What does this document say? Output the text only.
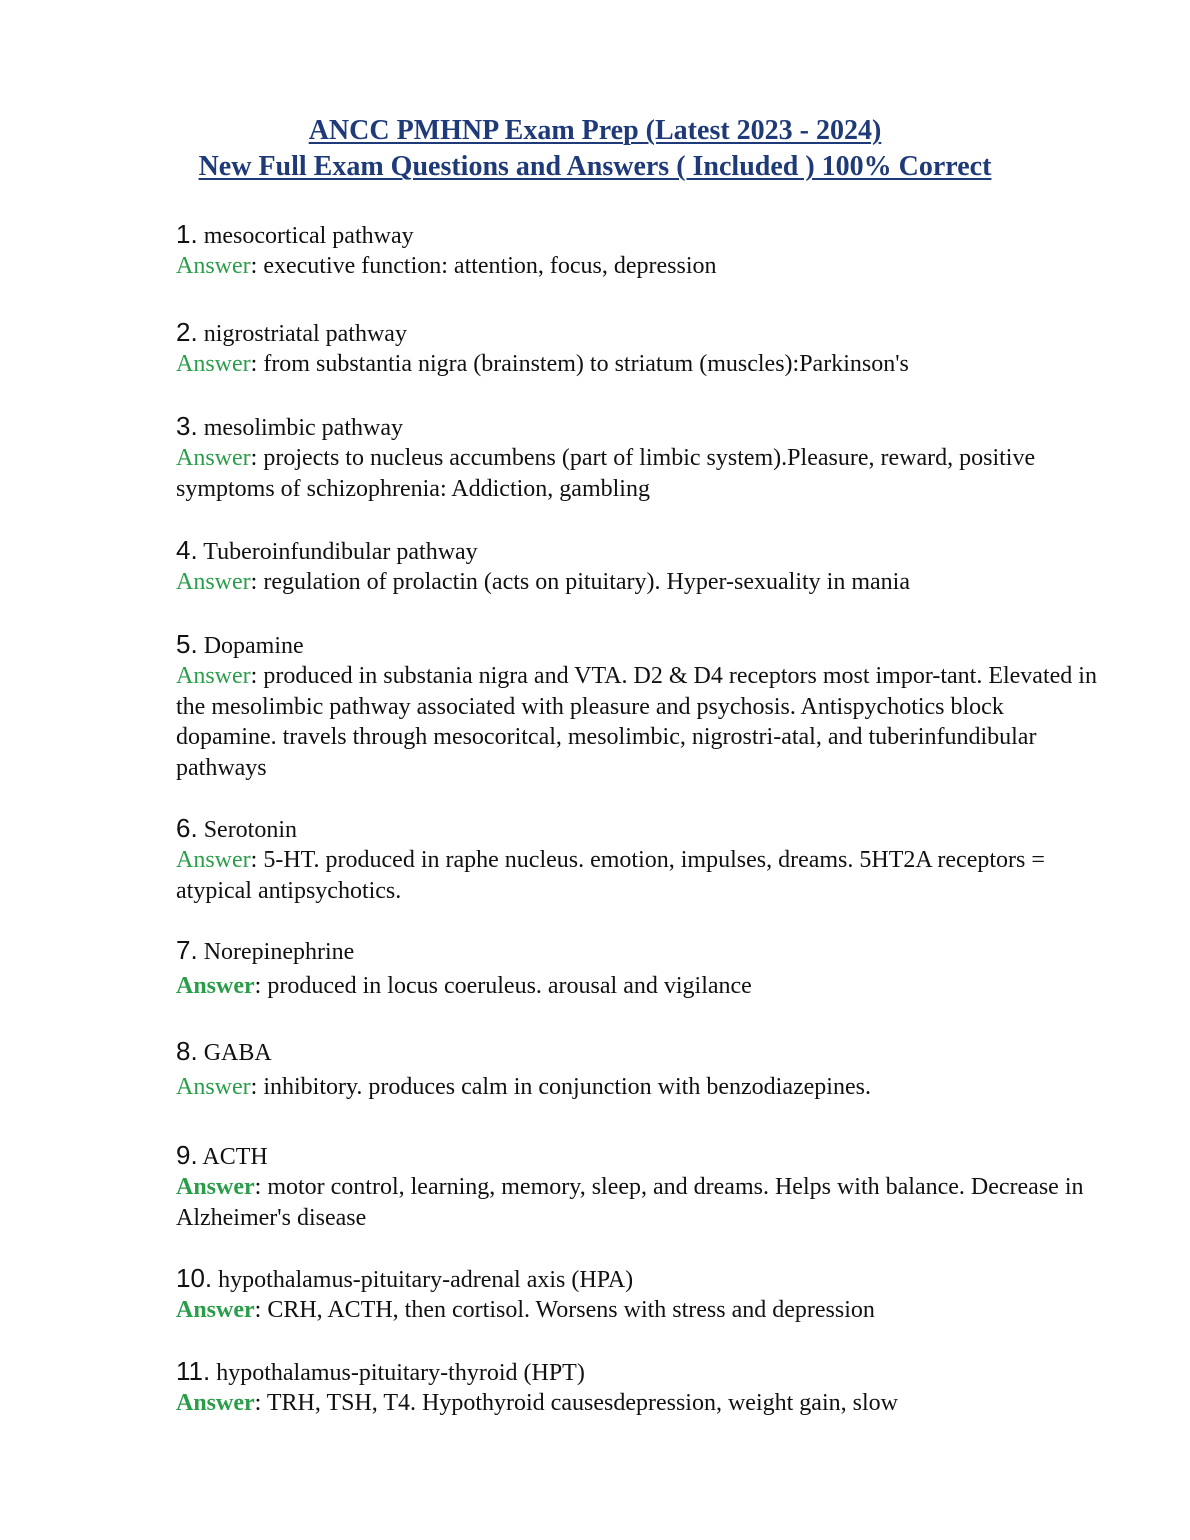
ANCC PMHNP Exam Prep (Latest 2023 - 2024)
New Full Exam Questions and Answers ( Included ) 100% Correct
1. mesocortical pathway
Answer: executive function: attention, focus, depression
2. nigrostriatal pathway
Answer: from substantia nigra (brainstem) to striatum (muscles):Parkinson's
3. mesolimbic pathway
Answer: projects to nucleus accumbens (part of limbic system).Pleasure, reward, positive symptoms of schizophrenia: Addiction, gambling
4. Tuberoinfundibular pathway
Answer: regulation of prolactin (acts on pituitary). Hyper-sexuality in mania
5. Dopamine
Answer: produced in substania nigra and VTA. D2 & D4 receptors most impor-tant. Elevated in the mesolimbic pathway associated with pleasure and psychosis. Antispychotics block dopamine. travels through mesocoritcal, mesolimbic, nigrostri-atal, and tuberinfundibular pathways
6. Serotonin
Answer: 5-HT. produced in raphe nucleus. emotion, impulses, dreams. 5HT2A receptors = atypical antipsychotics.
7. Norepinephrine
Answer: produced in locus coeruleus. arousal and vigilance
8. GABA
Answer: inhibitory. produces calm in conjunction with benzodiazepines.
9. ACTH
Answer: motor control, learning, memory, sleep, and dreams. Helps with balance. Decrease in Alzheimer's disease
10. hypothalamus-pituitary-adrenal axis (HPA)
Answer: CRH, ACTH, then cortisol. Worsens with stress and depression
11. hypothalamus-pituitary-thyroid (HPT)
Answer: TRH, TSH, T4. Hypothyroid causesdepression, weight gain, slow
